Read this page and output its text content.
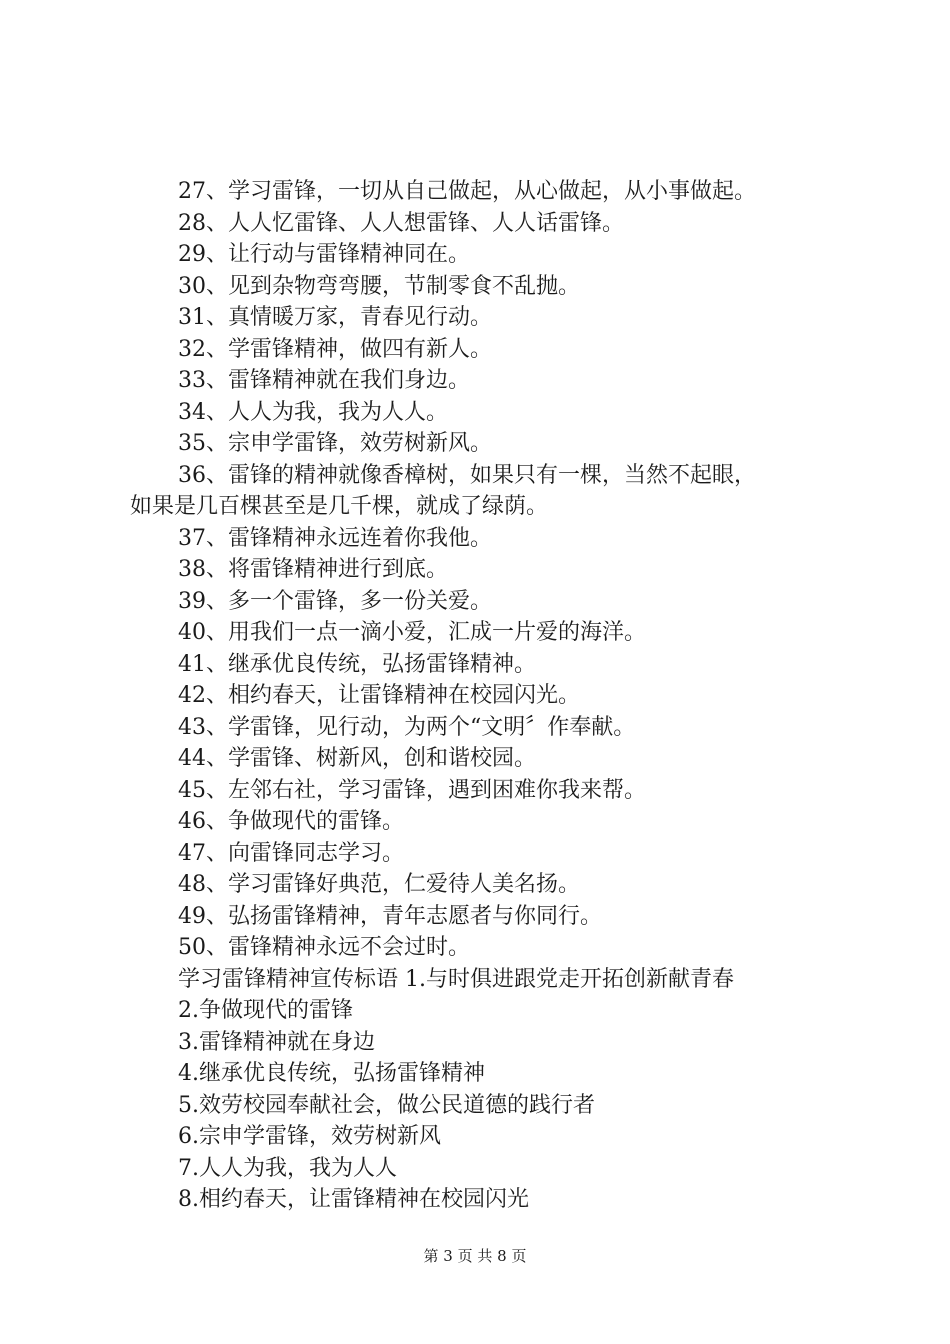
27、学习雷锋，一切从自己做起，从心做起，从小事做起。

28、人人忆雷锋、人人想雷锋、人人话雷锋。

29、让行动与雷锋精神同在。

30、见到杂物弯弯腰，节制零食不乱抛。

31、真情暖万家，青春见行动。

32、学雷锋精神，做四有新人。

33、雷锋精神就在我们身边。

34、人人为我，我为人人。

35、宗申学雷锋，效劳树新风。

36、雷锋的精神就像香樟树，如果只有一棵，当然不起眼，

如果是几百棵甚至是几千棵，就成了绿荫。

37、雷锋精神永远连着你我他。

38、将雷锋精神进行到底。

39、多一个雷锋，多一份关爱。

40、用我们一点一滴小爱，汇成一片爱的海洋。

41、继承优良传统，弘扬雷锋精神。

42、相约春天，让雷锋精神在校园闪光。

43、学雷锋，见行动，为两个“文明〞作奉献。

44、学雷锋、树新风，创和谐校园。

45、左邻右社，学习雷锋，遇到困难你我来帮。

46、争做现代的雷锋。

47、向雷锋同志学习。

48、学习雷锋好典范，仁爱待人美名扬。

49、弘扬雷锋精神，青年志愿者与你同行。

50、雷锋精神永远不会过时。

学习雷锋精神宣传标语 1.与时俱进跟党走开拓创新献青春

2.争做现代的雷锋

3.雷锋精神就在身边

4.继承优良传统，弘扬雷锋精神

5.效劳校园奉献社会，做公民道德的践行者

6.宗申学雷锋，效劳树新风

7.人人为我，我为人人

8.相约春天，让雷锋精神在校园闪光

第 3 页 共 8 页
